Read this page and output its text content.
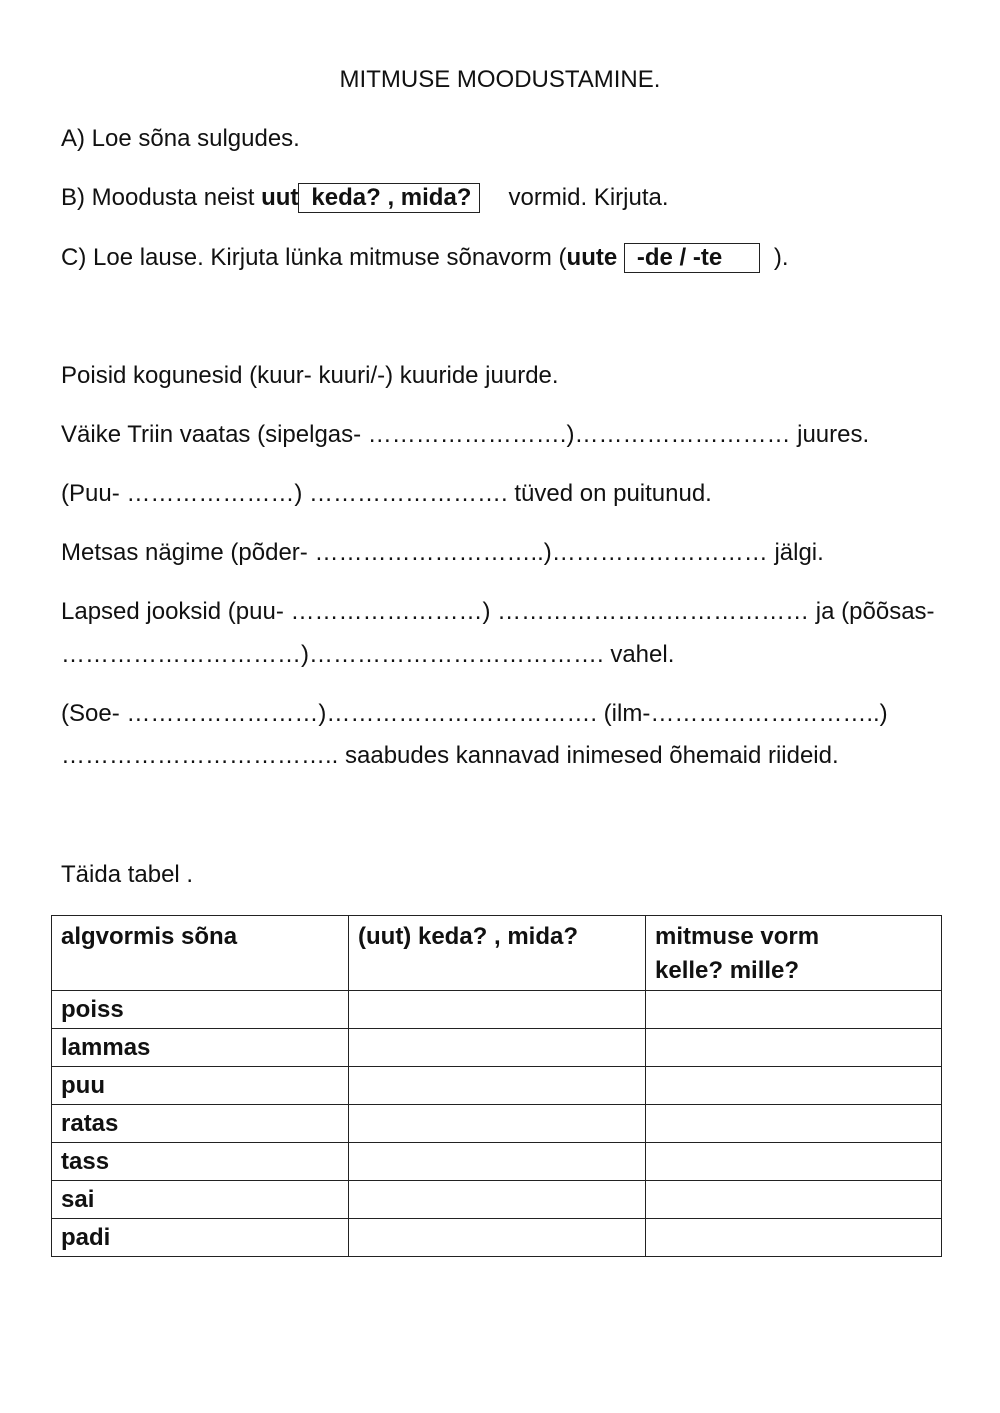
MITMUSE MOODUSTAMINE.
A) Loe sõna sulgudes.
B) Moodusta neist uut keda? , mida? vormid. Kirjuta.
C) Loe lause. Kirjuta lünka mitmuse sõnavorm (uute -de / -te ).
Poisid kogunesid (kuur- kuuri/-) kuuride juurde.
Väike Triin vaatas (sipelgas- …………………….)……………………… juures.
(Puu- …………………) ……………………. tüved on puitunud.
Metsas nägime (põder- ………………………..)……………………… jälgi.
Lapsed jooksid (puu- ……………………) ………………………………… ja (põõsas-
…………………………)………………………………. vahel.
(Soe- ……………………)……………………………. (ilm-………………………..)
…………………………….. saabudes kannavad inimesed õhemaid riideid.
Täida tabel .
algvormis sõna	(uut) keda? , mida?	mitmuse vorm
kelle? mille?
poiss		
lammas		
puu		
ratas		
tass		
sai		
padi		
